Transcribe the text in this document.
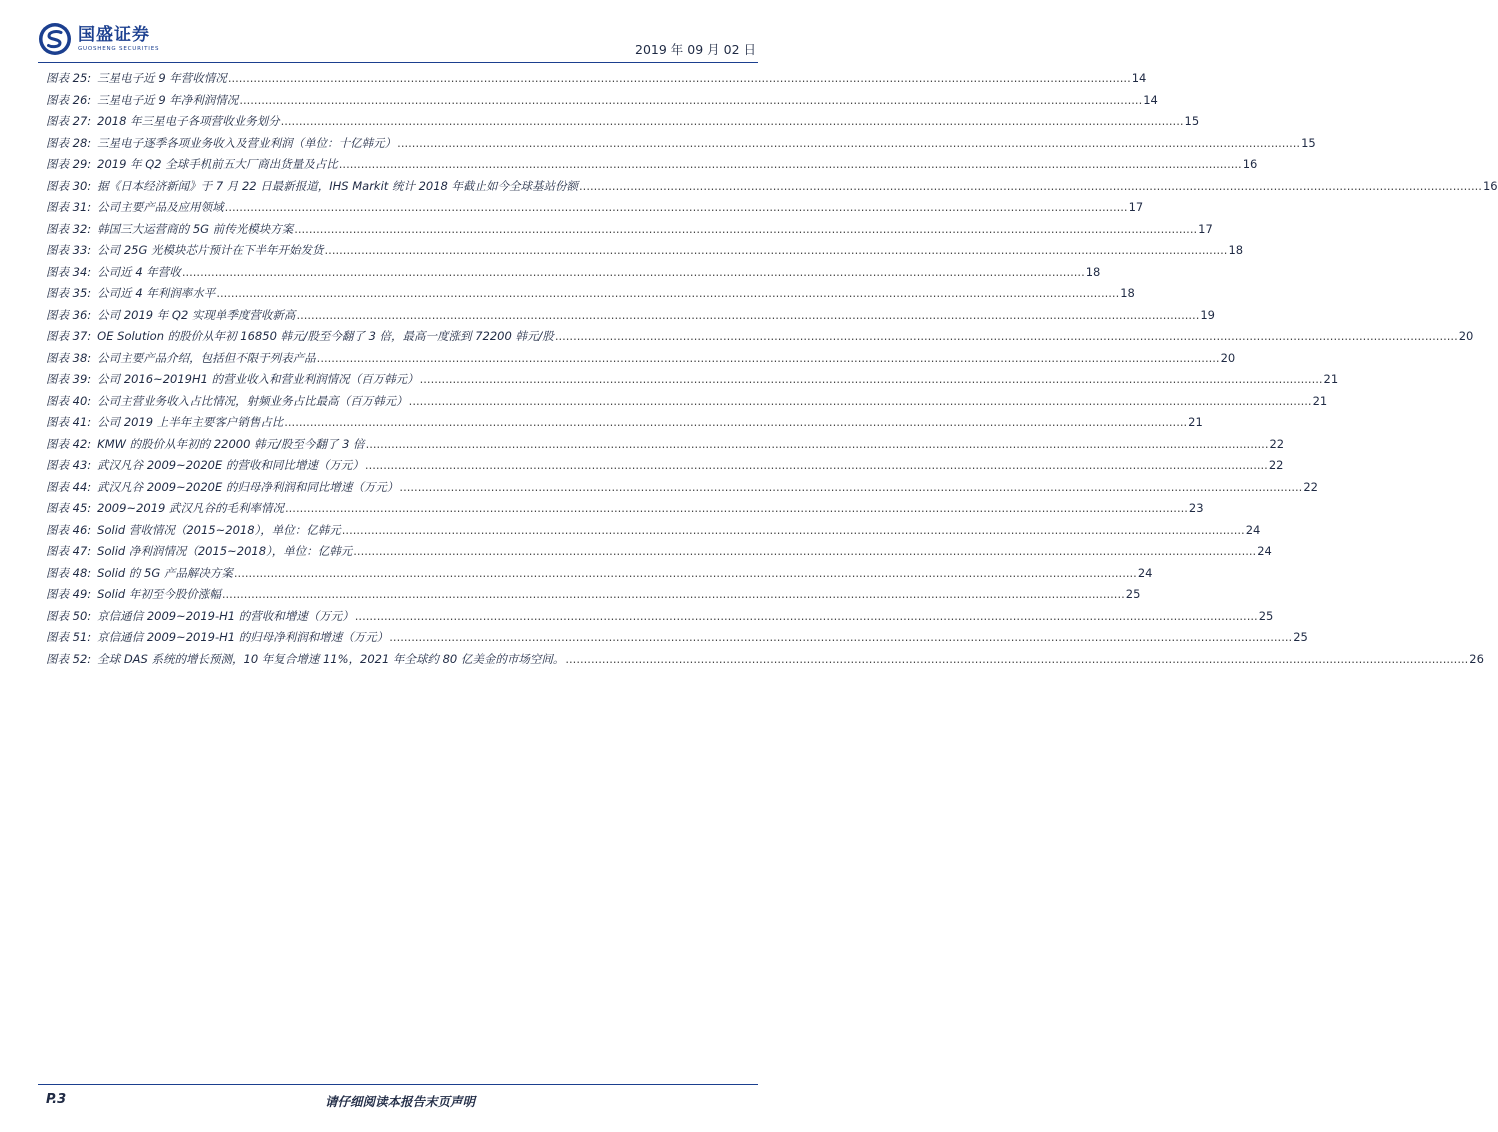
国盛证券
GUOSHENG SECURITIES	2019 年 09 月 02 日
图表 25: 三星电子近 9 年营收情况 .....	14
图表 26: 三星电子近 9 年净利润情况 .....	14
图表 27: 2018 年三星电子各项营收业务划分 .....	15
图表 28: 三星电子逐季各项业务收入及营业利润（单位：十亿韩元） .....	15
图表 29: 2019 年 Q2 全球手机前五大厂商出货量及占比 .....	16
图表 30: 据《日本经济新闻》于 7 月 22 日最新报道，IHS Markit 统计 2018 年截止如今全球基站份额 .....	16
图表 31: 公司主要产品及应用领域 .....	17
图表 32: 韩国三大运营商的 5G 前传光模块方案 .....	17
图表 33: 公司 25G 光模块芯片预计在下半年开始发货 .....	18
图表 34: 公司近 4 年营收 .....	18
图表 35: 公司近 4 年利润率水平 .....	18
图表 36: 公司 2019 年 Q2 实现单季度营收新高 .....	19
图表 37: OE Solution 的股价从年初 16850 韩元/股至今翻了 3 倍，最高一度涨到 72200 韩元/股 .....	20
图表 38: 公司主要产品介绍，包括但不限于列表产品 .....	20
图表 39: 公司 2016~2019H1 的营业收入和营业利润情况（百万韩元） .....	21
图表 40: 公司主营业务收入占比情况，射频业务占比最高（百万韩元） .....	21
图表 41: 公司 2019 上半年主要客户销售占比 .....	21
图表 42: KMW 的股价从年初的 22000 韩元/股至今翻了 3 倍 .....	22
图表 43: 武汉凡谷 2009~2020E 的营收和同比增速（万元） .....	22
图表 44: 武汉凡谷 2009~2020E 的归母净利润和同比增速（万元） .....	22
图表 45: 2009~2019 武汉凡谷的毛利率情况 .....	23
图表 46: Solid 营收情况（2015~2018），单位：亿韩元 .....	24
图表 47: Solid 净利润情况（2015~2018），单位：亿韩元 .....	24
图表 48: Solid 的 5G 产品解决方案 .....	24
图表 49: Solid 年初至今股价涨幅 .....	25
图表 50: 京信通信 2009~2019-H1 的营收和增速（万元） .....	25
图表 51: 京信通信 2009~2019-H1 的归母净利润和增速（万元） .....	25
图表 52: 全球 DAS 系统的增长预测，10 年复合增速 11%，2021 年全球约 80 亿美金的市场空间。 .....	26
P.3	请仔细阅读本报告末页声明
